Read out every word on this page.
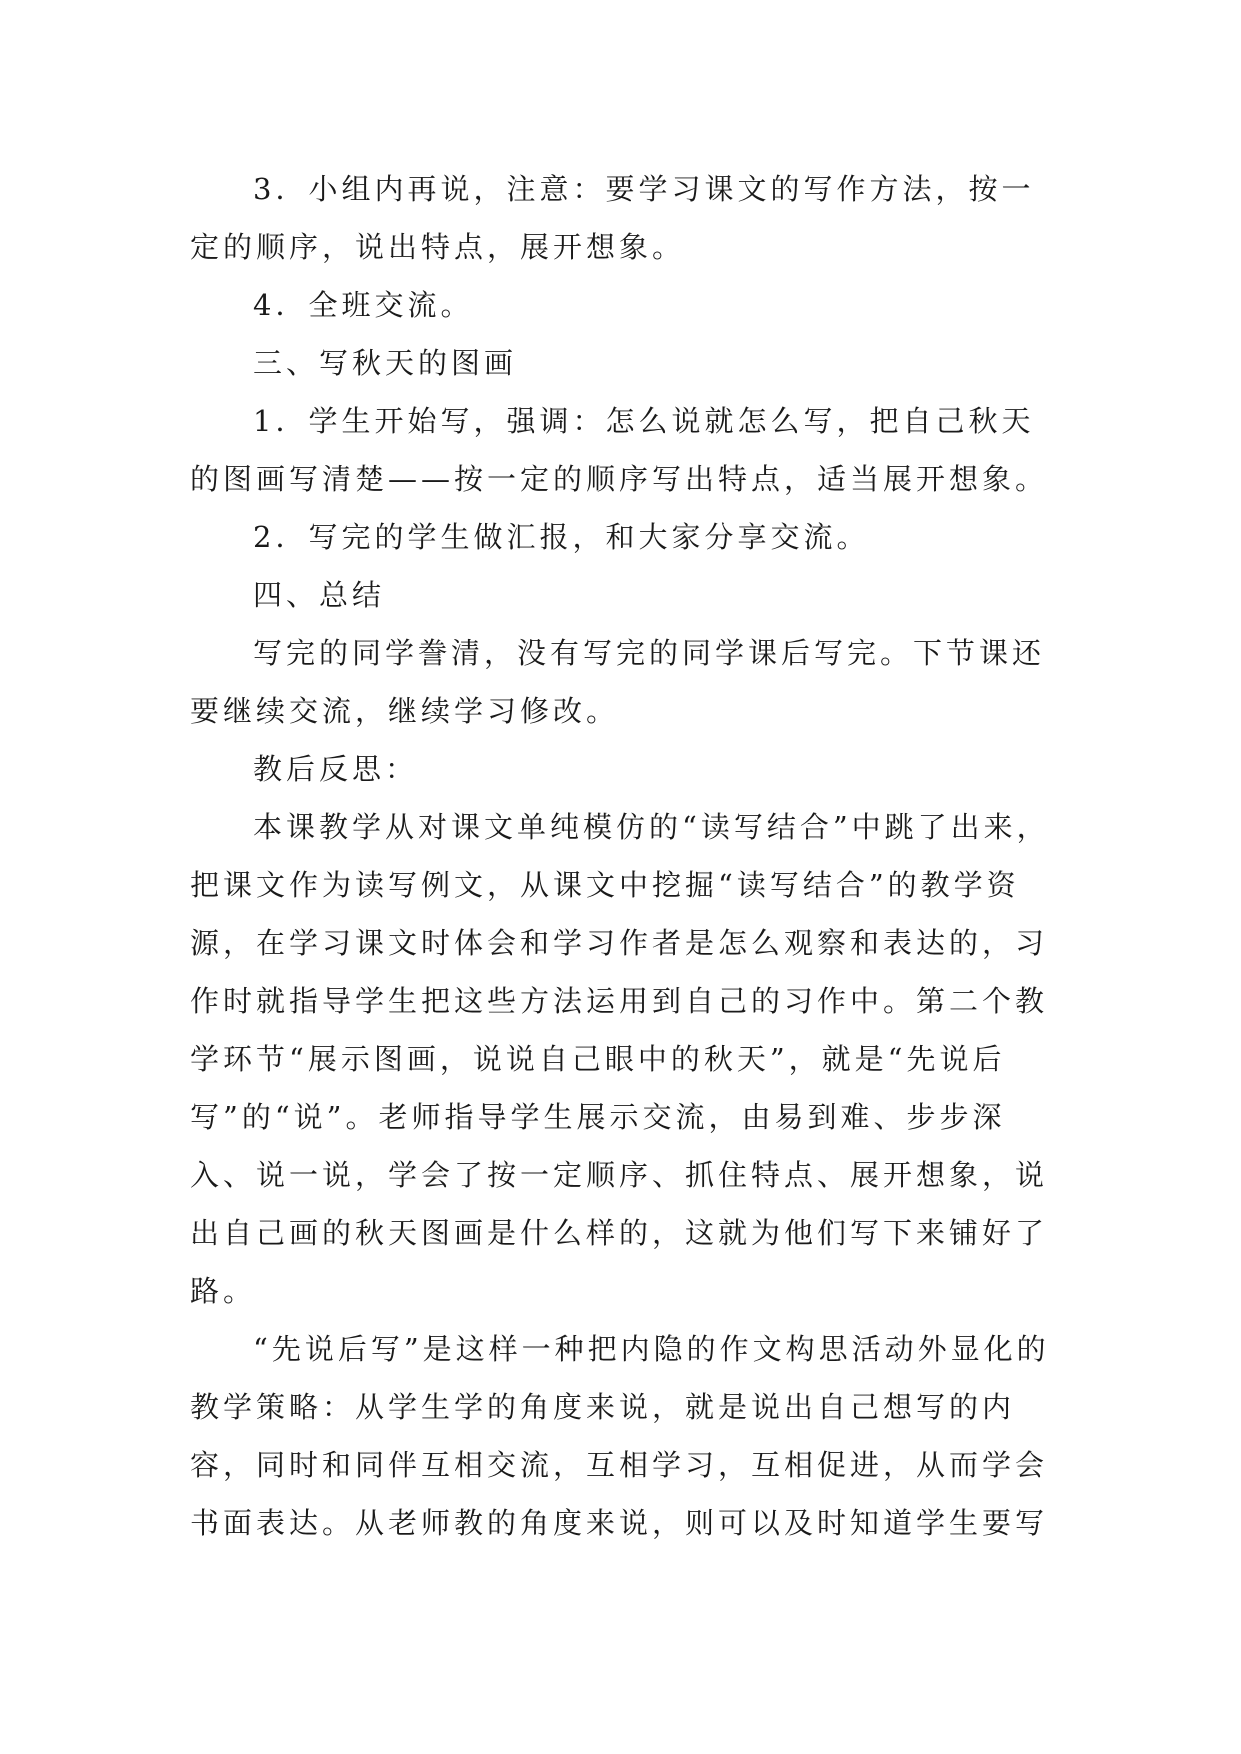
3．小组内再说，注意：要学习课文的写作方法，按一定的顺序，说出特点，展开想象。

4．全班交流。

三、写秋天的图画

1．学生开始写，强调：怎么说就怎么写，把自己秋天的图画写清楚——按一定的顺序写出特点，适当展开想象。

2．写完的学生做汇报，和大家分享交流。

四、总结

写完的同学誊清，没有写完的同学课后写完。下节课还要继续交流，继续学习修改。

教后反思：

本课教学从对课文单纯模仿的“读写结合”中跳了出来，把课文作为读写例文，从课文中挖掘“读写结合”的教学资源，在学习课文时体会和学习作者是怎么观察和表达的，习作时就指导学生把这些方法运用到自己的习作中。第二个教学环节“展示图画，说说自己眼中的秋天”，就是“先说后写”的“说”。老师指导学生展示交流，由易到难、步步深入、说一说，学会了按一定顺序、抓住特点、展开想象，说出自己画的秋天图画是什么样的，这就为他们写下来铺好了路。

“先说后写”是这样一种把内隐的作文构思活动外显化的教学策略：从学生学的角度来说，就是说出自己想写的内容，同时和同伴互相交流，互相学习，互相促进，从而学会书面表达。从老师教的角度来说，则可以及时知道学生要写
